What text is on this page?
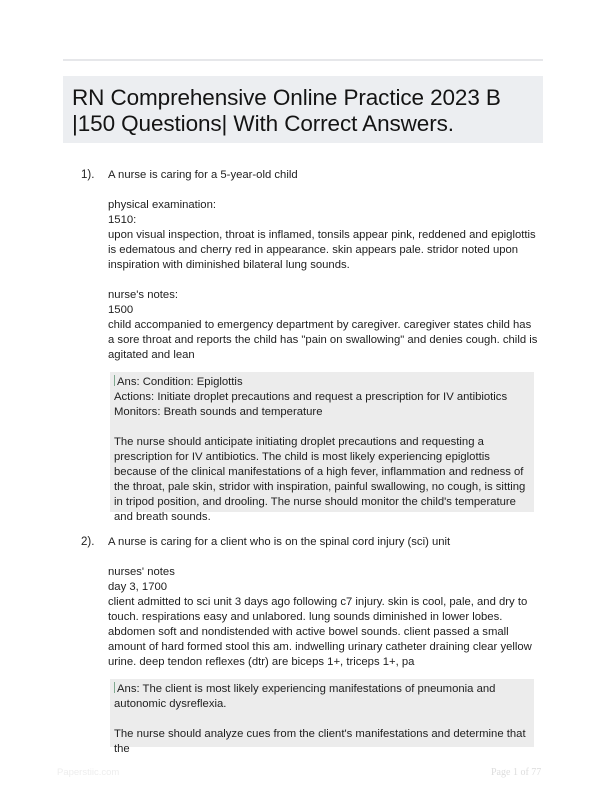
RN Comprehensive Online Practice 2023 B |150 Questions| With Correct Answers.
1). A nurse is caring for a 5-year-old child

physical examination:

1510:

upon visual inspection, throat is inflamed, tonsils appear pink, reddened and epiglottis is edematous and cherry red in appearance. skin appears pale. stridor noted upon inspiration with diminished bilateral lung sounds.

nurse's notes:

1500

child accompanied to emergency department by caregiver. caregiver states child has a sore throat and reports the child has "pain on swallowing" and denies cough. child is agitated and lean

Ans: Condition: Epiglottis

Actions: Initiate droplet precautions and request a prescription for IV antibiotics

Monitors: Breath sounds and temperature

The nurse should anticipate initiating droplet precautions and requesting a prescription for IV antibiotics. The child is most likely experiencing epiglottis because of the clinical manifestations of a high fever, inflammation and redness of the throat, pale skin, stridor with inspiration, painful swallowing, no cough, is sitting in tripod position, and drooling. The nurse should monitor the child's temperature and breath sounds.

2). A nurse is caring for a client who is on the spinal cord injury (sci) unit

nurses' notes

day 3, 1700

client admitted to sci unit 3 days ago following c7 injury. skin is cool, pale, and dry to touch. respirations easy and unlabored. lung sounds diminished in lower lobes. abdomen soft and nondistended with active bowel sounds. client passed a small amount of hard formed stool this am. indwelling urinary catheter draining clear yellow urine. deep tendon reflexes (dtr) are biceps 1+, triceps 1+, pa

Ans: The client is most likely experiencing manifestations of pneumonia and autonomic dysreflexia.

The nurse should analyze cues from the client's manifestations and determine that the

Paperstiic.com	Page 1 of 77
